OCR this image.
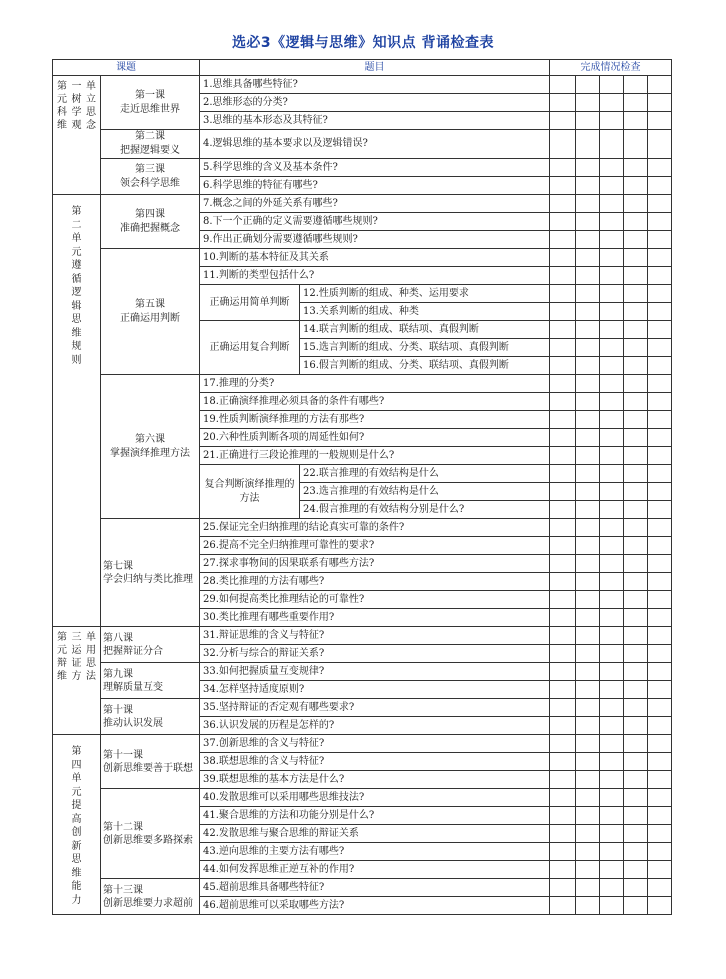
选必3《逻辑与思维》知识点 背诵检查表
课题		题目		完成情况检查				
第一单元树立科学思维观念	第一课
走近思维世界	1.思维具备哪些特征?						
		2.思维形态的分类?						
		3.思维的基本形态及其特征?						
	第二课
把握逻辑要义	4.逻辑思维的基本要求以及逻辑错误?						
	第三课
领会科学思维	5.科学思维的含义及基本条件?						
		6.科学思维的特征有哪些?						
第二单元遵循逻辑思维规则	第四课
准确把握概念	7.概念之间的外延关系有哪些?						
		8.下一个正确的定义需要遵循哪些规则?						
		9.作出正确划分需要遵循哪些规则?						
	第五课
正确运用判断	10.判断的基本特征及其关系						
		11.判断的类型包括什么?						
		正确运用简单判断	12.性质判断的组成、种类、运用要求					
			13.关系判断的组成、种类					
		正确运用复合判断	14.联言判断的组成、联结项、真假判断					
			15.选言判断的组成、分类、联结项、真假判断					
			16.假言判断的组成、分类、联结项、真假判断					
	第六课
掌握演绎推理方法	17.推理的分类?						
		18.正确演绎推理必须具备的条件有哪些?						
		19.性质判断演绎推理的方法有那些?						
		20.六种性质判断各项的周延性如何?						
		21.正确进行三段论推理的一般规则是什么?						
		复合判断演绎推理的方法	22.联言推理的有效结构是什么					
			23.选言推理的有效结构是什么					
			24.假言推理的有效结构分别是什么?					
	第七课
学会归纳与类比推理	25.保证完全归纳推理的结论真实可靠的条件?						
		26.提高不完全归纳推理可靠性的要求?						
		27.探求事物间的因果联系有哪些方法?						
		28.类比推理的方法有哪些?						
		29.如何提高类比推理结论的可靠性?						
		30.类比推理有哪些重要作用?						
第三单元运用辩证思维方法	第八课
把握辩证分合	31.辩证思维的含义与特征?						
		32.分析与综合的辩证关系?						
	第九课
理解质量互变	33.如何把握质量互变规律?						
		34.怎样坚持适度原则?						
	第十课
推动认识发展	35.坚持辩证的否定观有哪些要求?						
		36.认识发展的历程是怎样的?						
第四单元提高创新思维能力	第十一课
创新思维要善于联想	37.创新思维的含义与特征?						
		38.联想思维的含义与特征?						
		39.联想思维的基本方法是什么?						
	第十二课
创新思维要多路探索	40.发散思维可以采用哪些思维技法?						
		41.聚合思维的方法和功能分别是什么?						
		42.发散思维与聚合思维的辩证关系						
		43.逆向思维的主要方法有哪些?						
		44.如何发挥思维正逆互补的作用?						
	第十三课
创新思维要力求超前	45.超前思维具备哪些特征?						
		46.超前思维可以采取哪些方法?						
